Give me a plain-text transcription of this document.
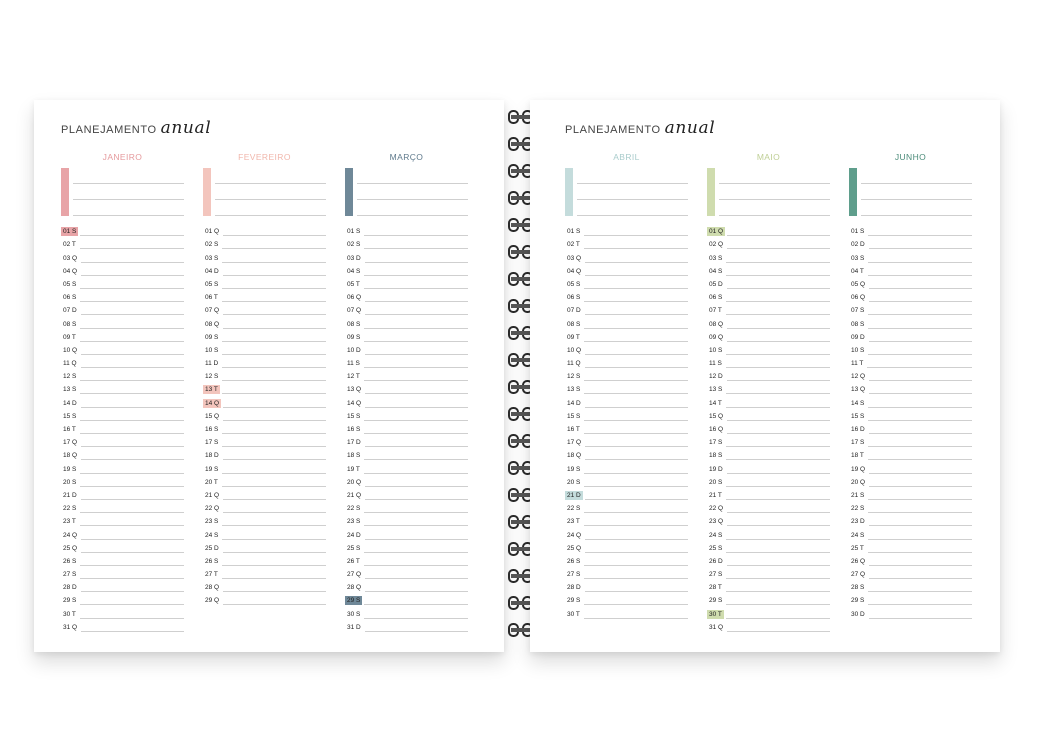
PLANEJAMENTO anual
JANEIRO
01 S
02 T
03 Q
04 Q
05 S
06 S
07 D
08 S
09 T
10 Q
11 Q
12 S
13 S
14 D
15 S
16 T
17 Q
18 Q
19 S
20 S
21 D
22 S
23 T
24 Q
25 Q
26 S
27 S
28 D
29 S
30 T
31 Q
FEVEREIRO
01 Q
02 S
03 S
04 D
05 S
06 T
07 Q
08 Q
09 S
10 S
11 D
12 S
13 T
14 Q
15 Q
16 S
17 S
18 D
19 S
20 T
21 Q
22 Q
23 S
24 S
25 D
26 S
27 T
28 Q
29 Q
MARÇO
01 S
02 S
03 D
04 S
05 T
06 Q
07 Q
08 S
09 S
10 D
11 S
12 T
13 Q
14 Q
15 S
16 S
17 D
18 S
19 T
20 Q
21 Q
22 S
23 S
24 D
25 S
26 T
27 Q
28 Q
29 S
30 S
31 D
PLANEJAMENTO anual
ABRIL
01 S
02 T
03 Q
04 Q
05 S
06 S
07 D
08 S
09 T
10 Q
11 Q
12 S
13 S
14 D
15 S
16 T
17 Q
18 Q
19 S
20 S
21 D
22 S
23 T
24 Q
25 Q
26 S
27 S
28 D
29 S
30 T
MAIO
01 Q
02 Q
03 S
04 S
05 D
06 S
07 T
08 Q
09 Q
10 S
11 S
12 D
13 S
14 T
15 Q
16 Q
17 S
18 S
19 D
20 S
21 T
22 Q
23 Q
24 S
25 S
26 D
27 S
28 T
29 S
30 T
31 Q
JUNHO
01 S
02 D
03 S
04 T
05 Q
06 Q
07 S
08 S
09 D
10 S
11 T
12 Q
13 Q
14 S
15 S
16 D
17 S
18 T
19 Q
20 Q
21 S
22 S
23 D
24 S
25 T
26 Q
27 Q
28 S
29 S
30 D
